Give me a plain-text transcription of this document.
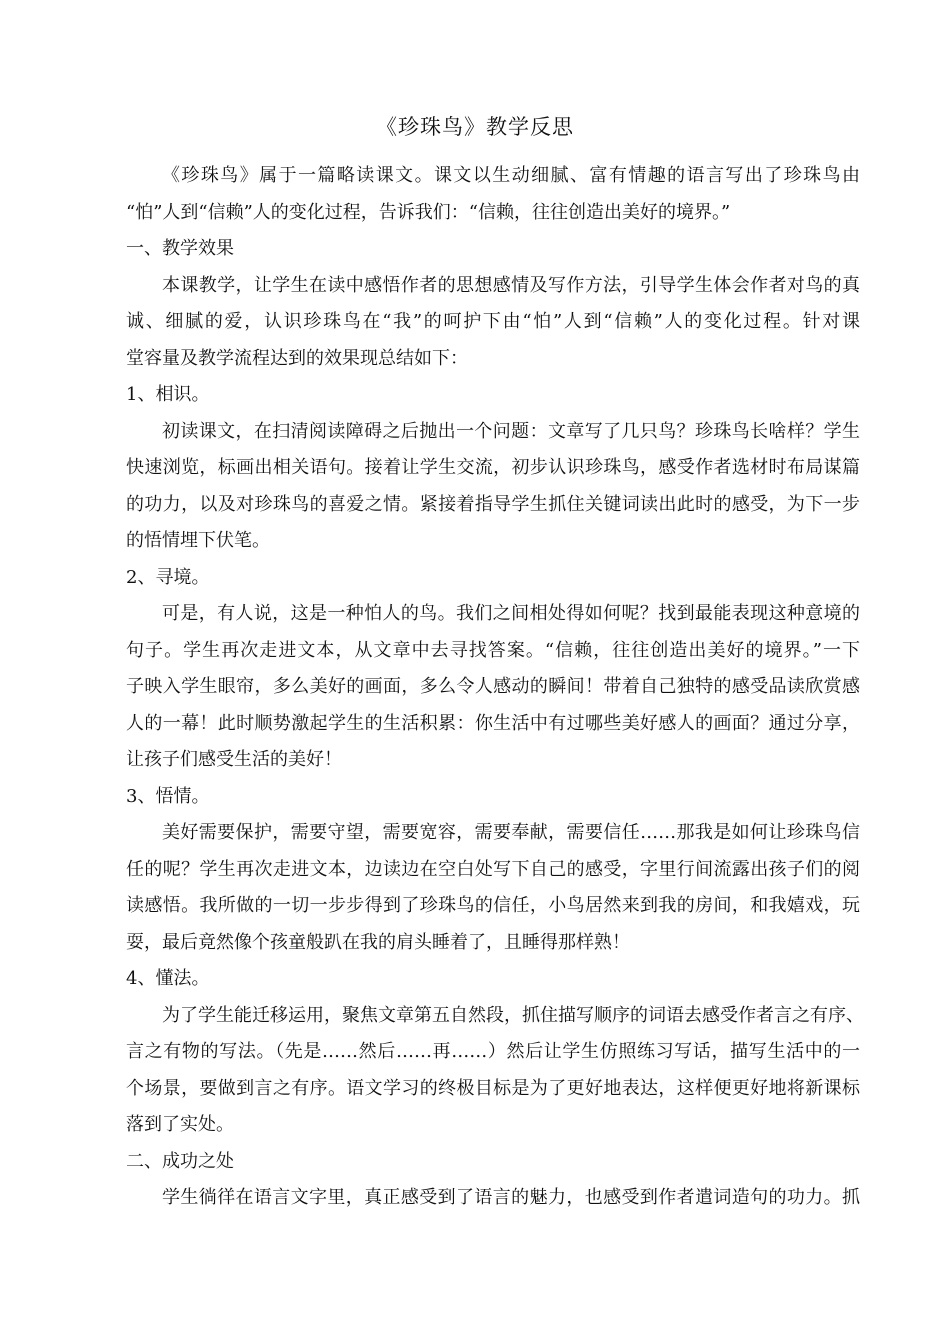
《珍珠鸟》教学反思
《珍珠鸟》属于一篇略读课文。课文以生动细腻、富有情趣的语言写出了珍珠鸟由
“怕”人到“信赖”人的变化过程，告诉我们：“信赖，往往创造出美好的境界。”
一、教学效果
本课教学，让学生在读中感悟作者的思想感情及写作方法，引导学生体会作者对鸟的真
诚、细腻的爱，认识珍珠鸟在“我”的呵护下由“怕”人到“信赖”人的变化过程。针对课
堂容量及教学流程达到的效果现总结如下：
1、相识。
初读课文，在扫清阅读障碍之后抛出一个问题：文章写了几只鸟？珍珠鸟长啥样？学生
快速浏览，标画出相关语句。接着让学生交流，初步认识珍珠鸟，感受作者选材时布局谋篇
的功力，以及对珍珠鸟的喜爱之情。紧接着指导学生抓住关键词读出此时的感受，为下一步
的悟情埋下伏笔。
2、寻境。
可是，有人说，这是一种怕人的鸟。我们之间相处得如何呢？找到最能表现这种意境的
句子。学生再次走进文本，从文章中去寻找答案。“信赖，往往创造出美好的境界。”一下
子映入学生眼帘，多么美好的画面，多么令人感动的瞬间！带着自己独特的感受品读欣赏感
人的一幕！此时顺势激起学生的生活积累：你生活中有过哪些美好感人的画面？通过分享，
让孩子们感受生活的美好！
3、悟情。
美好需要保护，需要守望，需要宽容，需要奉献，需要信任……那我是如何让珍珠鸟信
任的呢？学生再次走进文本，边读边在空白处写下自己的感受，字里行间流露出孩子们的阅
读感悟。我所做的一切一步步得到了珍珠鸟的信任，小鸟居然来到我的房间，和我嬉戏，玩
耍，最后竟然像个孩童般趴在我的肩头睡着了，且睡得那样熟！
4、懂法。
为了学生能迁移运用，聚焦文章第五自然段，抓住描写顺序的词语去感受作者言之有序、
言之有物的写法。（先是……然后……再……）然后让学生仿照练习写话，描写生活中的一
个场景，要做到言之有序。语文学习的终极目标是为了更好地表达，这样便更好地将新课标
落到了实处。
二、成功之处
学生徜徉在语言文字里，真正感受到了语言的魅力，也感受到作者遣词造句的功力。抓
